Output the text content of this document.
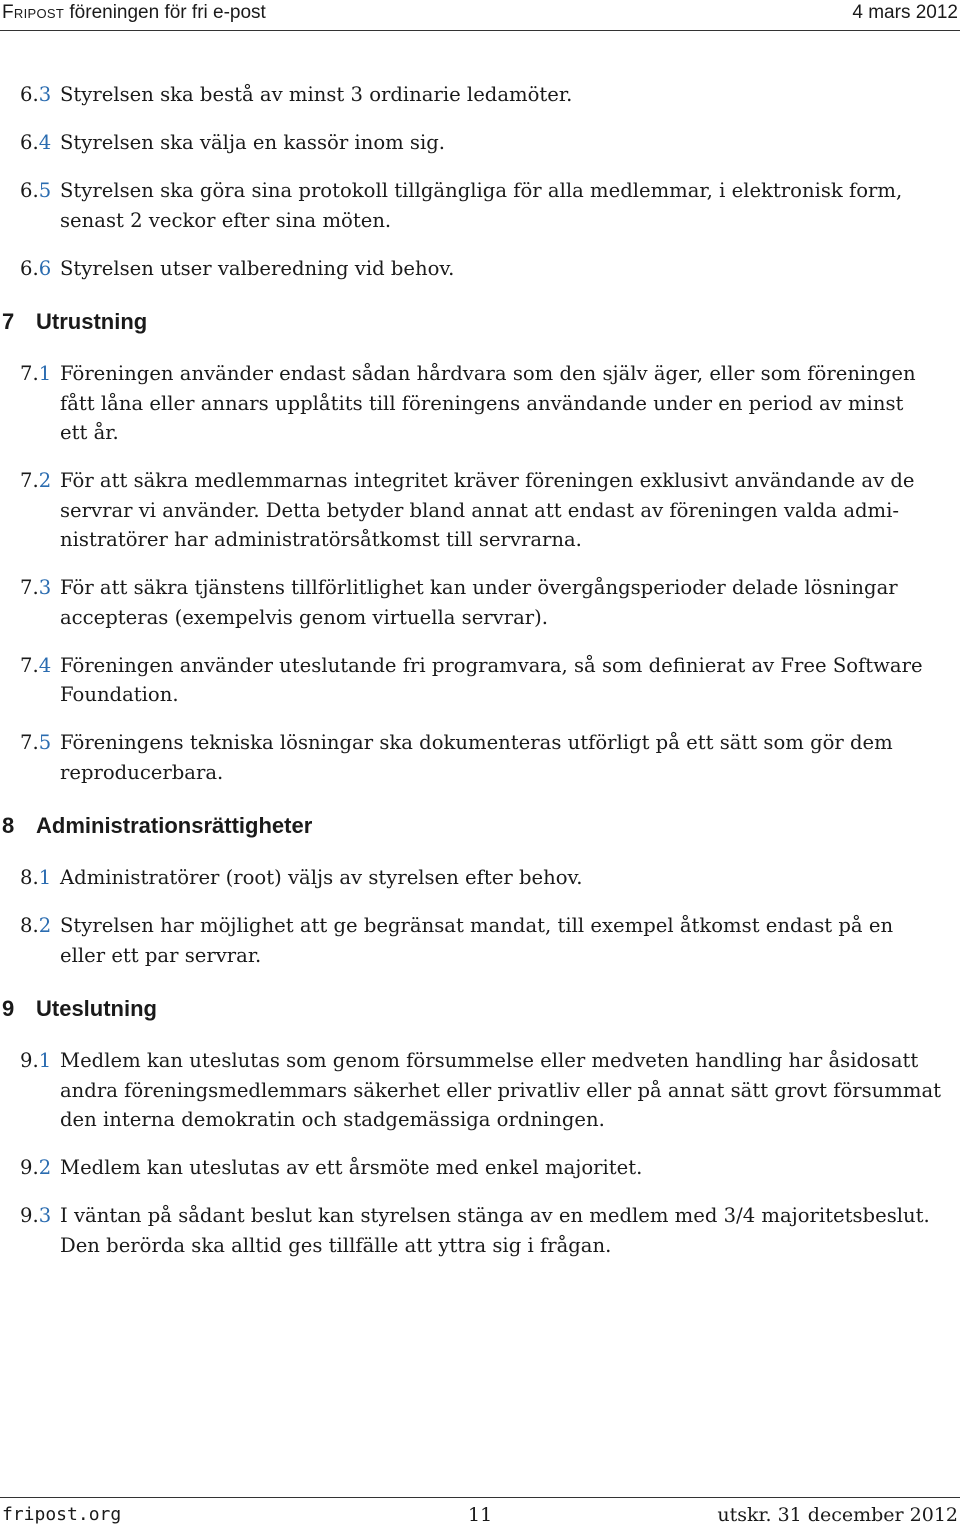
Fripost föreningen för fri e-post	4 mars 2012
6.3 Styrelsen ska bestå av minst 3 ordinarie ledamöter.
6.4 Styrelsen ska välja en kassör inom sig.
6.5 Styrelsen ska göra sina protokoll tillgängliga för alla medlemmar, i elektronisk form,
senast 2 veckor efter sina möten.
6.6 Styrelsen utser valberedning vid behov.
7 Utrustning
7.1 Föreningen använder endast sådan hårdvara som den själv äger, eller som föreningen
fått låna eller annars upplåtits till föreningens användande under en period av minst
ett år.
7.2 För att säkra medlemmarnas integritet kräver föreningen exklusivt användande av de
servrar vi använder. Detta betyder bland annat att endast av föreningen valda admi-
nistratörer har administratörsåtkomst till servrarna.
7.3 För att säkra tjänstens tillförlitlighet kan under övergångsperioder delade lösningar
accepteras (exempelvis genom virtuella servrar).
7.4 Föreningen använder uteslutande fri programvara, så som definierat av Free Software
Foundation.
7.5 Föreningens tekniska lösningar ska dokumenteras utförligt på ett sätt som gör dem
reproducerbara.
8 Administrationsrättigheter
8.1 Administratörer (root) väljs av styrelsen efter behov.
8.2 Styrelsen har möjlighet att ge begränsat mandat, till exempel åtkomst endast på en
eller ett par servrar.
9 Uteslutning
9.1 Medlem kan uteslutas som genom försummelse eller medveten handling har åsidosatt
andra föreningsmedlemmars säkerhet eller privatliv eller på annat sätt grovt försummat
den interna demokratin och stadgemässiga ordningen.
9.2 Medlem kan uteslutas av ett årsmöte med enkel majoritet.
9.3 I väntan på sådant beslut kan styrelsen stänga av en medlem med 3/4 majoritetsbeslut.
Den berörda ska alltid ges tillfälle att yttra sig i frågan.
fripost.org	11	utskr. 31 december 2012
